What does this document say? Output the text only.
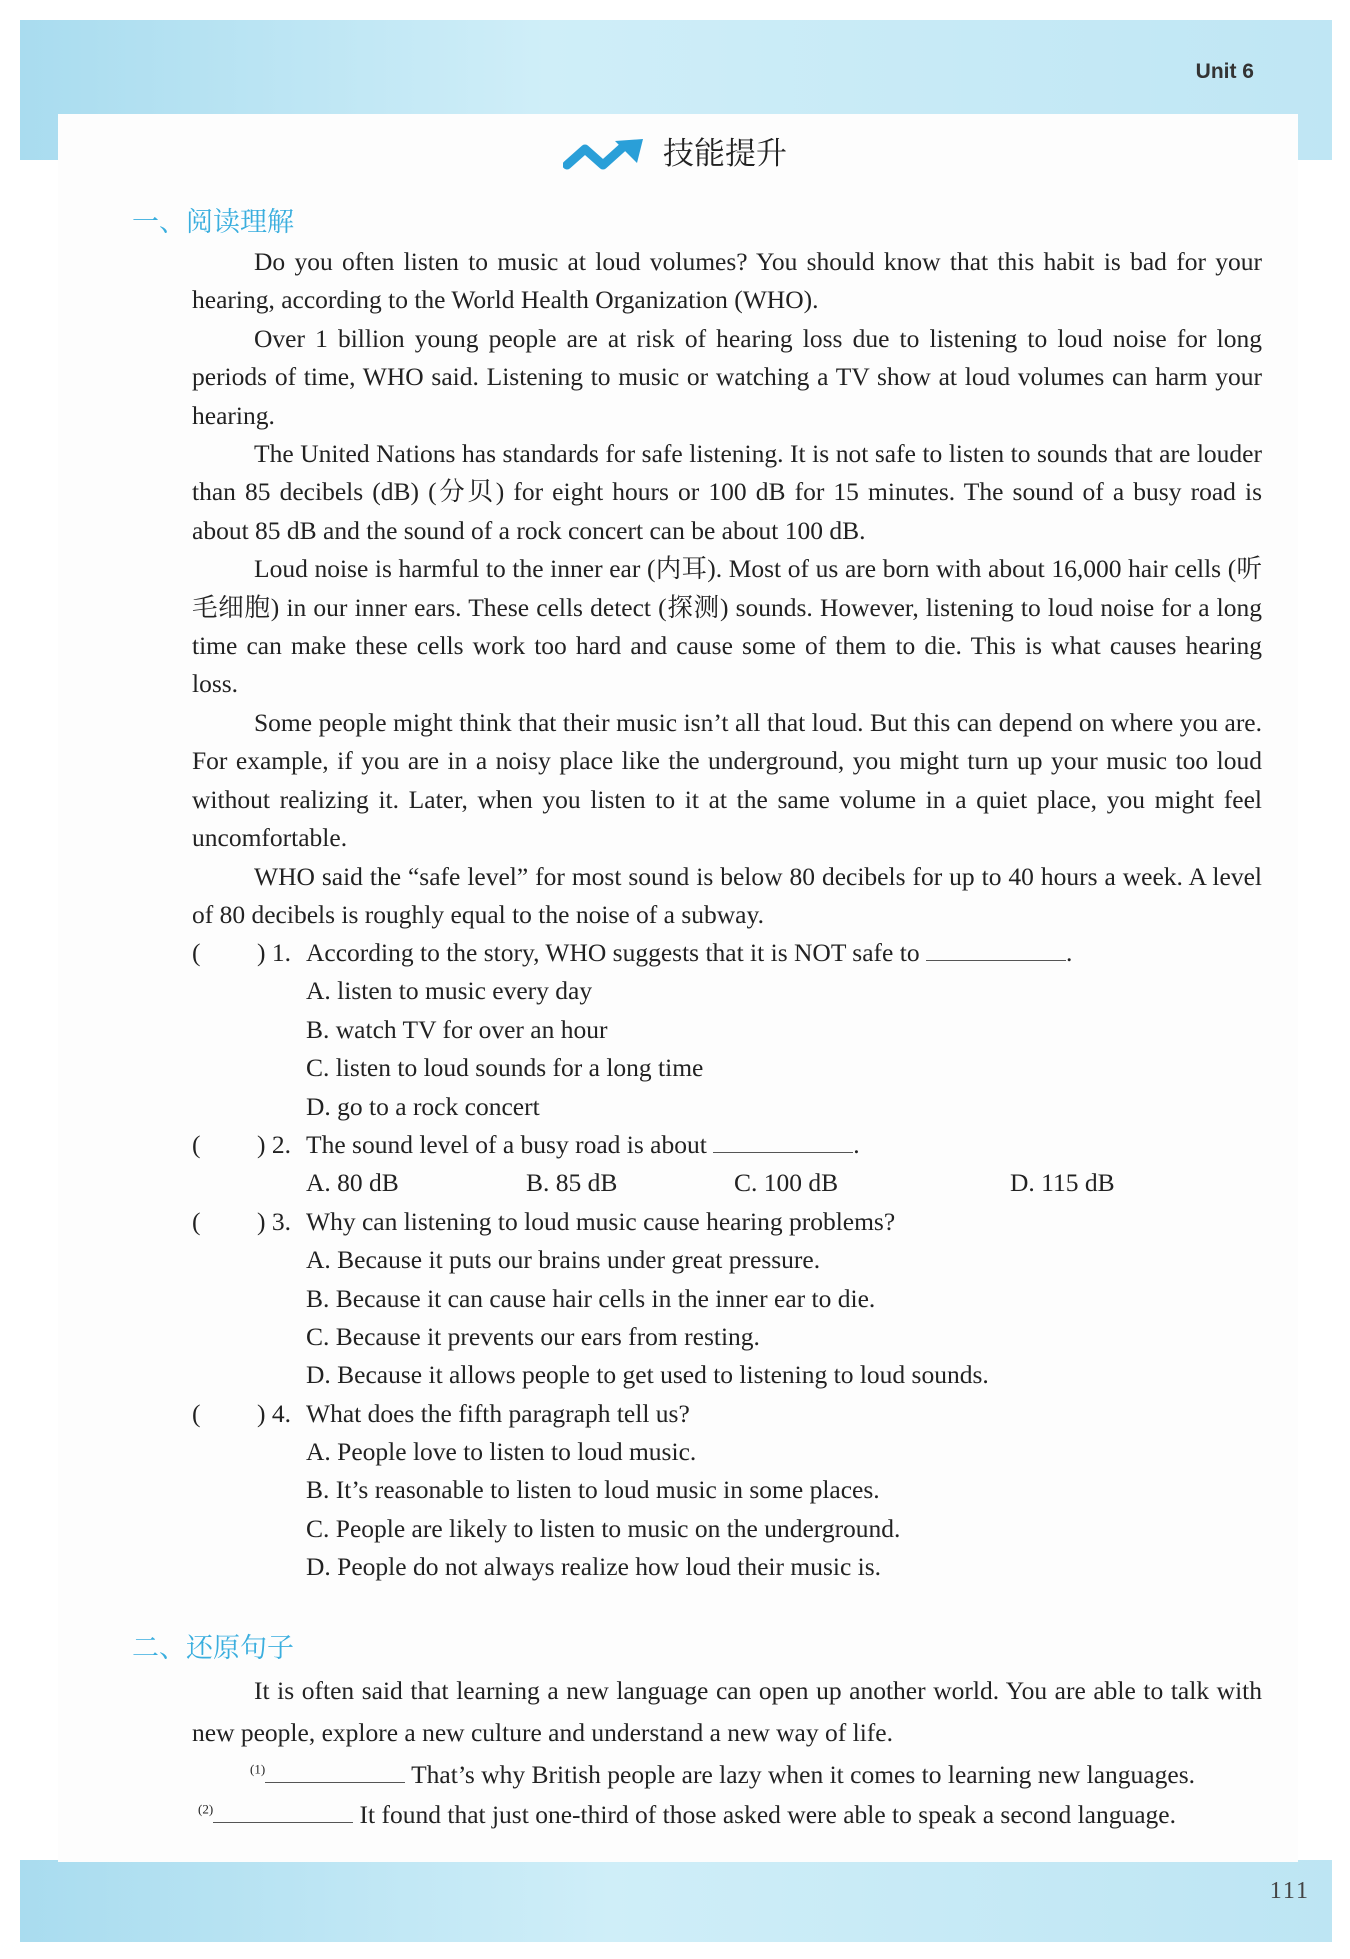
Unit 6
技能提升
一、阅读理解

Do you often listen to music at loud volumes? You should know that this habit is bad for your hearing, according to the World Health Organization (WHO).

Over 1 billion young people are at risk of hearing loss due to listening to loud noise for long periods of time, WHO said. Listening to music or watching a TV show at loud volumes can harm your hearing.

The United Nations has standards for safe listening. It is not safe to listen to sounds that are louder than 85 decibels (dB) (分贝) for eight hours or 100 dB for 15 minutes. The sound of a busy road is about 85 dB and the sound of a rock concert can be about 100 dB.

Loud noise is harmful to the inner ear (内耳). Most of us are born with about 16,000 hair cells (听毛细胞) in our inner ears. These cells detect (探测) sounds. However, listening to loud noise for a long time can make these cells work too hard and cause some of them to die. This is what causes hearing loss.

Some people might think that their music isn’t all that loud. But this can depend on where you are. For example, if you are in a noisy place like the underground, you might turn up your music too loud without realizing it. Later, when you listen to it at the same volume in a quiet place, you might feel uncomfortable.

WHO said the “safe level” for most sound is below 80 decibels for up to 40 hours a week. A level of 80 decibels is roughly equal to the noise of a subway.

( ) 1. According to the story, WHO suggests that it is NOT safe to	.
A. listen to music every day
B. watch TV for over an hour
C. listen to loud sounds for a long time
D. go to a rock concert
( ) 2. The sound level of a busy road is about	.
A. 80 dB	B. 85 dB	C. 100 dB	D. 115 dB
( ) 3. Why can listening to loud music cause hearing problems?
A. Because it puts our brains under great pressure.
B. Because it can cause hair cells in the inner ear to die.
C. Because it prevents our ears from resting.
D. Because it allows people to get used to listening to loud sounds.
( ) 4. What does the fifth paragraph tell us?
A. People love to listen to loud music.
B. It’s reasonable to listen to loud music in some places.
C. People are likely to listen to music on the underground.
D. People do not always realize how loud their music is.
二、还原句子

It is often said that learning a new language can open up another world. You are able to talk with new people, explore a new culture and understand a new way of life.

$^{(1)}$	That’s why British people are lazy when it comes to learning new languages.
$^{(2)}$	It found that just one-third of those asked were able to speak a second language.
111
